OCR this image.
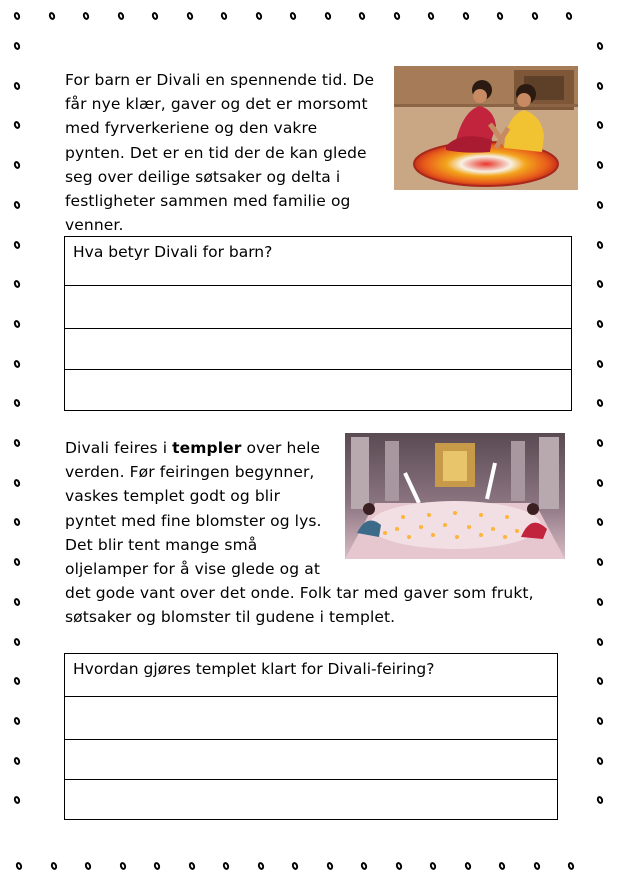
For barn er Divali en spennende tid. De
får nye klær, gaver og det er morsomt
med fyrverkeriene og den vakre
pynten. Det er en tid der de kan glede
seg over deilige søtsaker og delta i
festligheter sammen med familie og
venner.
Hva betyr Divali for barn?
Divali feires i templer over hele
verden. Før feiringen begynner,
vaskes templet godt og blir
pyntet med fine blomster og lys.
Det blir tent mange små
oljelamper for å vise glede og at
det gode vant over det onde. Folk tar med gaver som frukt,
søtsaker og blomster til gudene i templet.
Hvordan gjøres templet klart for Divali-feiring?
